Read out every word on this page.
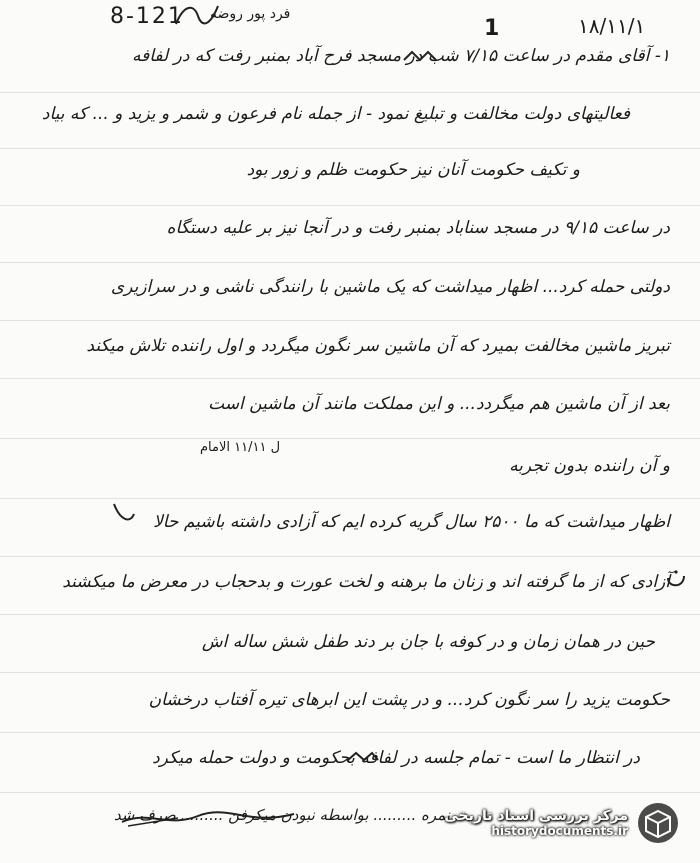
8-121 فرد پور روضه
1	۱۸/۱۱/۱
۱- آقای مقدم در ساعت ۷/۱۵ شب در مسجد فرح آباد بمنبر رفت که در لفافه
فعالیتهای دولت مخالفت و تبلیغ نمود - از جمله نام فرعون و شمر و یزید و ... که بیاد
و تکیف حکومت آنان نیز حکومت ظلم و زور بود
در ساعت ۹/۱۵ در مسجد سناباد بمنبر رفت و در آنجا نیز بر علیه دستگاه
دولتی حمله کرد... اظهار میداشت که یک ماشین با رانندگی ناشی و در سرازیری
تبریز ماشین مخالفت بمیرد که آن ماشین سر نگون میگردد و اول راننده تلاش میکند
بعد از آن ماشین هم میگردد... و این مملکت مانند آن ماشین است
و آن راننده بدون تجربه
اظهار میداشت که ما ۲۵۰۰ سال گریه کرده ایم که آزادی داشته باشیم حالا
آزادی که از ما گرفته اند و زنان ما برهنه و لخت عورت و بدحجاب در معرض ما میکشند
حین در همان زمان و در کوفه با جان بر دند طفل شش ساله اش
حکومت یزید را سر نگون کرد... و در پشت این ابرهای تیره آفتاب درخشان
در انتظار ما است - تمام جلسه در لفافه بحکومت و دولت حمله میکرد
نمره ......... بواسطه نبودن میکرفن ......... صرف شد
ل ۱۱/۱۱ الامام
مرکز بررسی اسناد تاریخی
historydocuments.ir
